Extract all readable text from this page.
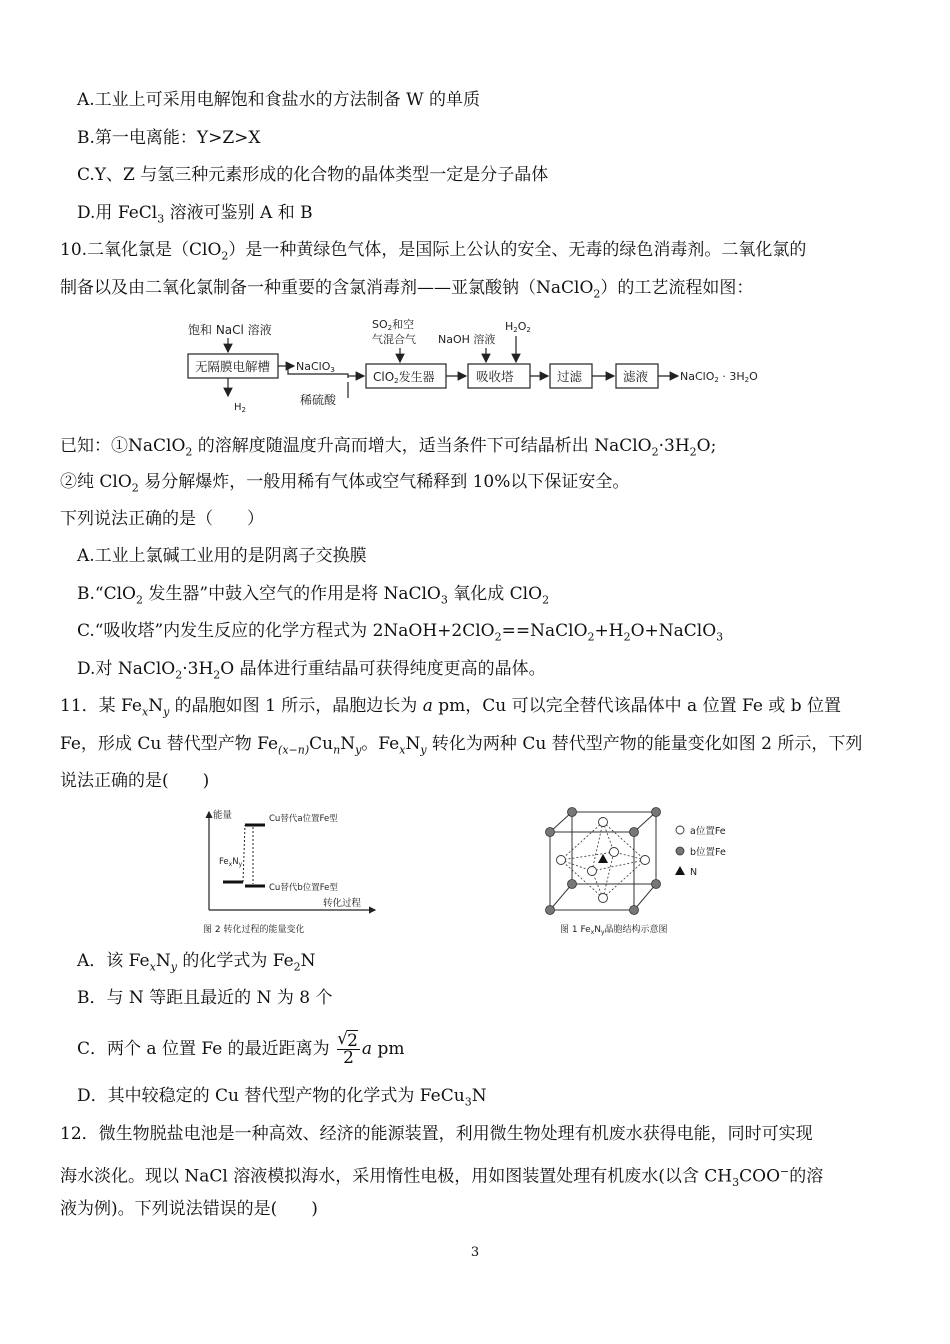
A.工业上可采用电解饱和食盐水的方法制备 W 的单质
B.第一电离能：Y>Z>X
C.Y、Z 与氢三种元素形成的化合物的晶体类型一定是分子晶体
D.用 FeCl$_3$ 溶液可鉴别 A 和 B
10.二氧化氯是（ClO$_2$）是一种黄绿色气体，是国际上公认的安全、无毒的绿色消毒剂。二氧化氯的
制备以及由二氧化氯制备一种重要的含氯消毒剂——亚氯酸钠（NaClO$_2$）的工艺流程如图：
饱和 NaCl 溶液
无隔膜电解槽
$H_2$
NaClO3
稀硫酸
SO2和空
气混合气
ClO2发生器
NaOH 溶液
H2O2
吸收塔	过滤	滤液	NaClO2 · 3H2O
已知：①NaClO$_2$ 的溶解度随温度升高而增大，适当条件下可结晶析出 $NaClO_2\cdot 3H_2O$;
②纯 ClO$_2$ 易分解爆炸，一般用稀有气体或空气稀释到 10%以下保证安全。
下列说法正确的是（　　）
A.工业上氯碱工业用的是阴离子交换膜
B.“ClO$_2$ 发生器”中鼓入空气的作用是将 NaClO$_3$ 氧化成 ClO$_2$
C.“吸收塔”内发生反应的化学方程式为 $2NaOH+2ClO_2==NaClO_2+H_2O+NaClO_3$
D.对 $NaClO_2\cdot 3H_2O$ 晶体进行重结晶可获得纯度更高的晶体。
11．某 $Fe_xN_y$ 的晶胞如图 1 所示，晶胞边长为 a pm，Cu 可以完全替代该晶体中 a 位置 Fe 或 b 位置
Fe，形成 Cu 替代型产物 $Fe_{(x-n)}Cu_nN_y$。$Fe_xN_y$ 转化为两种 Cu 替代型产物的能量变化如图 2 所示，下列
说法正确的是(　　)
能量
转化过程
$Fe_xN_y$
Cu替代a位置Fe型
Cu替代b位置Fe型
图 2 转化过程的能量变化
a位置Fe
b位置Fe
N
图 1 $Fe_xN_y$晶胞结构示意图
A．该 $Fe_xN_y$ 的化学式为 $Fe_2N$
B．与 N 等距且最近的 N 为 8 个
C．两个 a 位置 Fe 的最近距离为
√ $\frac{2}{2}$ a pm
D．其中较稳定的 Cu 替代型产物的化学式为 FeCu$_3$N
12．微生物脱盐电池是一种高效、经济的能源装置，利用微生物处理有机废水获得电能，同时可实现
海水淡化。现以 NaCl 溶液模拟海水，采用惰性电极，用如图装置处理有机废水(以含 $CH_3COO^-$的溶
液为例)。下列说法错误的是(　　)
3
